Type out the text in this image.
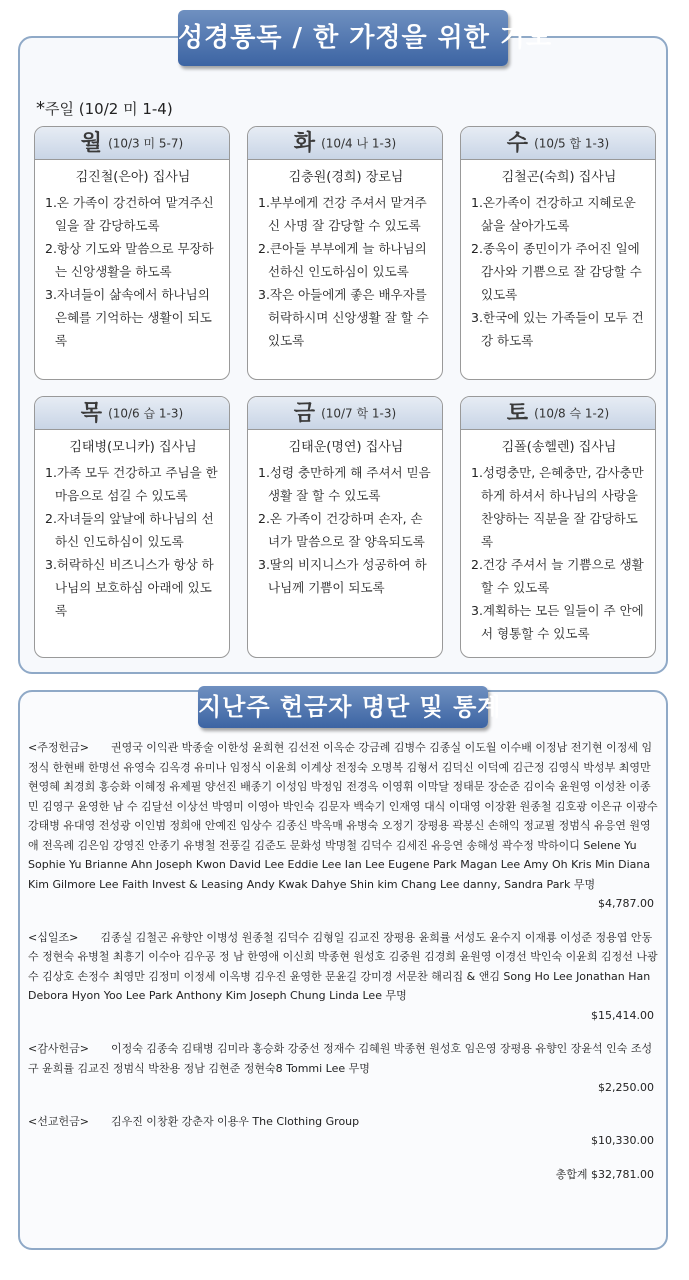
성경통독 / 한 가정을 위한 기도
*주일 (10/2 미 1-4)
월 (10/3 미 5-7)
김진철(은아) 집사님
1.온 가족이 강건하여 맡겨주신 일을 잘 감당하도록
2.항상 기도와 말씀으로 무장하는 신앙생활을 하도록
3.자녀들이 삶속에서 하나님의 은혜를 기억하는 생활이 되도록
화 (10/4 나 1-3)
김충원(경희) 장로님
1.부부에게 건강 주셔서 맡겨주신 사명 잘 감당할 수 있도록
2.큰아들 부부에게 늘 하나님의 선하신 인도하심이 있도록
3.작은 아들에게 좋은 배우자를 허락하시며 신앙생활 잘 할 수 있도록
수 (10/5 합 1-3)
김철곤(숙희) 집사님
1.온가족이 건강하고 지혜로운 삶을 살아가도록
2.종욱이 종민이가 주어진 일에 감사와 기쁨으로 잘 감당할 수 있도록
3.한국에 있는 가족들이 모두 건강 하도록
목 (10/6 습 1-3)
김태병(모니카) 집사님
1.가족 모두 건강하고 주님을 한 마음으로 섬길 수 있도록
2.자녀들의 앞날에 하나님의 선하신 인도하심이 있도록
3.허락하신 비즈니스가 항상 하나님의 보호하심 아래에 있도록
금 (10/7 학 1-3)
김태운(명연) 집사님
1.성령 충만하게 해 주셔서 믿음 생활 잘 할 수 있도록
2.온 가족이 건강하며 손자, 손녀가 말씀으로 잘 양육되도록
3.딸의 비지니스가 성공하여 하나님께 기쁨이 되도록
토 (10/8 슥 1-2)
김폴(송헬렌) 집사님
1.성령충만, 은혜충만, 감사충만하게 하셔서 하나님의 사랑을 찬양하는 직분을 잘 감당하도록
2.건강 주셔서 늘 기쁨으로 생활 할 수 있도록
3.계획하는 모든 일들이 주 안에서 형통할 수 있도록
지난주 헌금자 명단 및 통계
<주정헌금> 권영국 이익관 박종술 이한성 윤희현 김선전 이옥순 강금례 김병수 김종실 이도월 이수배 이정남 전기현 이정세 임정식 한현배 한명선 유영숙 김옥경 유미나 임정식 이윤희 이계상 전정숙 오명복 김형서 김덕신 이덕예 김근정 김영식 박성부 최영만 현영혜 최경희 홍승화 이혜정 유제필 양선진 배종기 이성임 박정임 전경옥 이영휘 이막달 정태문 장순준 김이숙 윤원영 이성찬 이종민 김영구 윤영한 남 수 김달선 이상선 박영미 이영아 박인숙 김문자 백숙기 인재영 대식 이대영 이장환 원종철 김호광 이은규 이광수 강태병 유대영 전성광 이인범 정희애 안예진 임상수 김종신 박옥매 유병숙 오정기 장평용 곽봉신 손해익 정교필 정범식 유응연 원영애 전옥례 김은임 강영진 안종기 유병철 전풍길 김준도 문화성 박명철 김덕수 김세진 유응연 송해성 곽수정 박하이디 Selene Yu Sophie Yu Brianne Ahn Joseph Kwon David Lee Eddie Lee Ian Lee Eugene Park Magan Lee Amy Oh Kris Min Diana Kim Gilmore Lee Faith Invest & Leasing Andy Kwak Dahye Shin kim Chang Lee danny, Sandra Park 무명
$4,787.00
<십일조> 김종실 김철곤 유향안 이병성 원종철 김덕수 김형일 김교진 장평용 윤희률 서성도 윤수지 이재룡 이성준 정용엽 안동수 정현숙 유병철 최흥기 이수아 김우공 정 남 한영애 이신희 박종현 원성호 김중원 김경희 윤원영 이경선 박인숙 이윤희 김정선 나광수 김상호 손정수 최영만 김정미 이정세 이옥병 김우진 윤영한 문윤길 강미경 서문찬 해리집 & 앤김 Song Ho Lee Jonathan Han Debora Hyon Yoo Lee Park Anthony Kim Joseph Chung Linda Lee 무명
$15,414.00
<감사헌금> 이정숙 김종숙 김태병 김미라 홍승화 강중선 정재수 김혜원 박종현 원성호 임은영 장평용 유향인 장윤석 인숙 조성구 윤희률 김교진 정범식 박찬용 정남 김현준 정현숙8 Tommi Lee 무명
$2,250.00
<선교헌금> 김우진 이창환 강춘자 이용우 The Clothing Group
$10,330.00
총합계 $32,781.00
